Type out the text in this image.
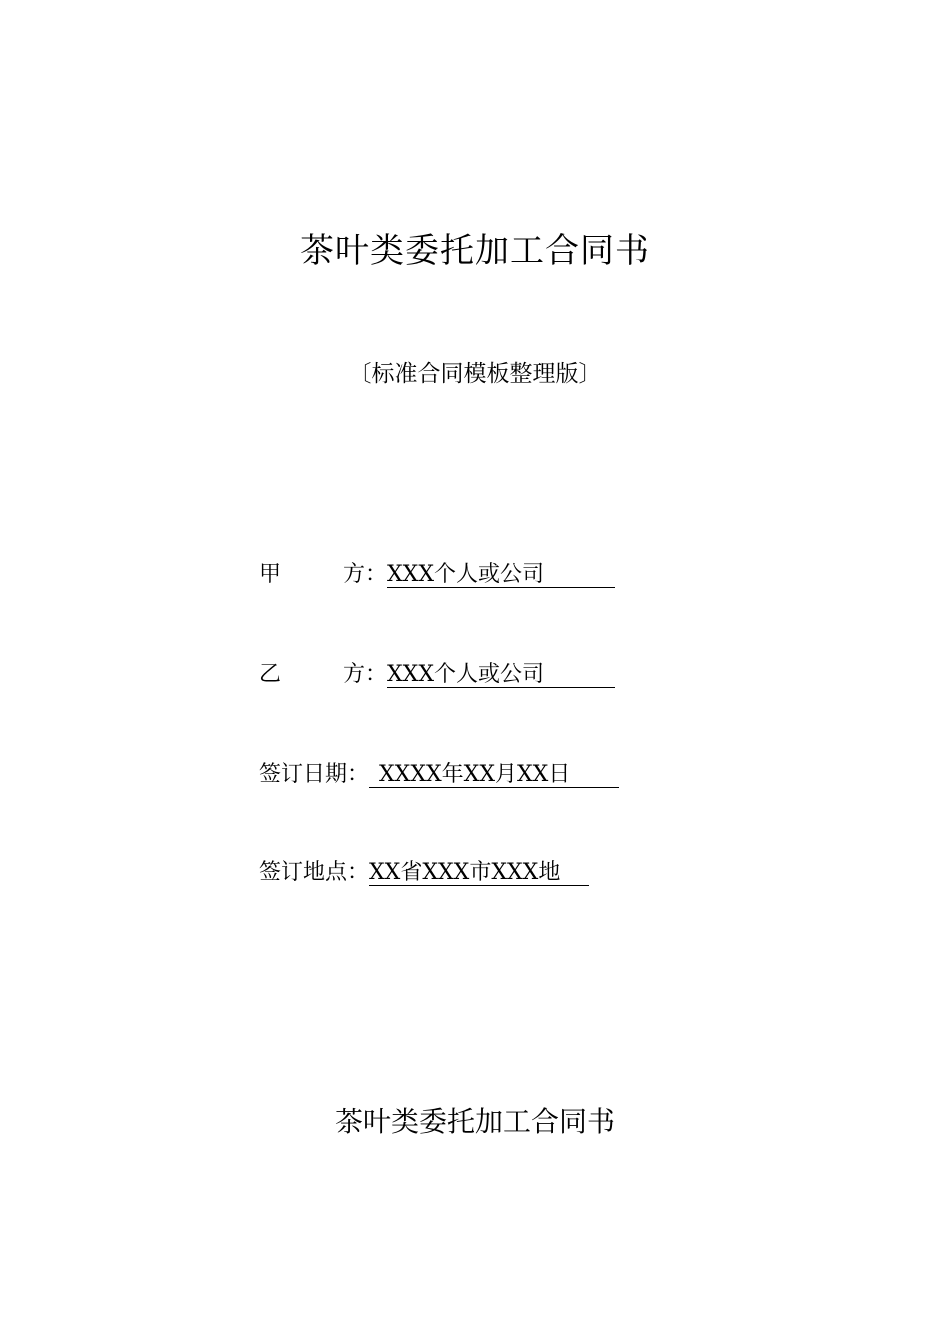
茶叶类委托加工合同书
〔标准合同模板整理版〕
甲	方： XXX个人或公司
乙	方： XXX个人或公司
签订日期： XXXX年XX月XX日
签订地点：XX省XXX市XXX地
茶叶类委托加工合同书
